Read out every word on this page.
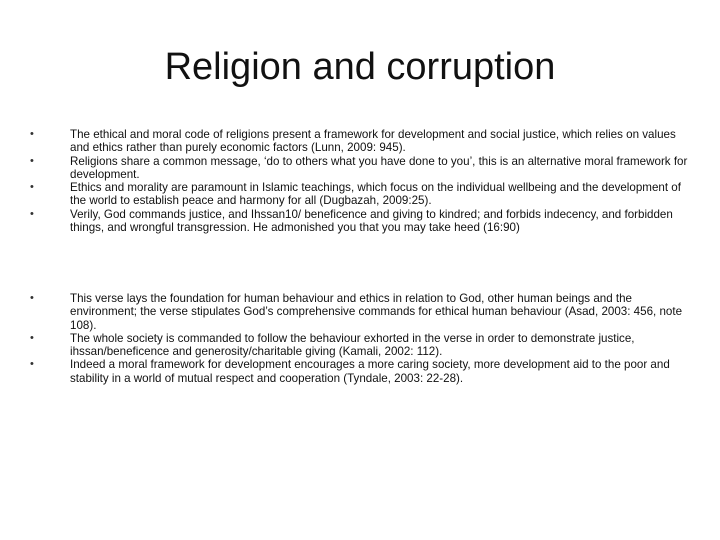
Religion and corruption
•	The ethical and moral code of religions present a framework for development and social justice, which relies on values and ethics rather than purely economic factors (Lunn, 2009: 945).
•	Religions share a common message, ‘do to others what you have done to you’, this is an alternative moral framework for development.
•	Ethics and morality are paramount in Islamic teachings, which focus on the individual wellbeing and the development of the world to establish peace and harmony for all (Dugbazah, 2009:25).
•	Verily, God commands justice, and Ihssan10/ beneficence and giving to kindred; and forbids indecency, and forbidden things, and wrongful transgression. He admonished you that you may take heed (16:90)
•	This verse lays the foundation for human behaviour and ethics in relation to God, other human beings and the environment; the verse stipulates God’s comprehensive commands for ethical human behaviour (Asad, 2003: 456, note 108).
•	The whole society is commanded to follow the behaviour exhorted in the verse in order to demonstrate justice, ihssan/beneficence and generosity/charitable giving (Kamali, 2002: 112).
•	Indeed a moral framework for development encourages a more caring society, more development aid to the poor and stability in a world of mutual respect and cooperation (Tyndale, 2003: 22-28).
